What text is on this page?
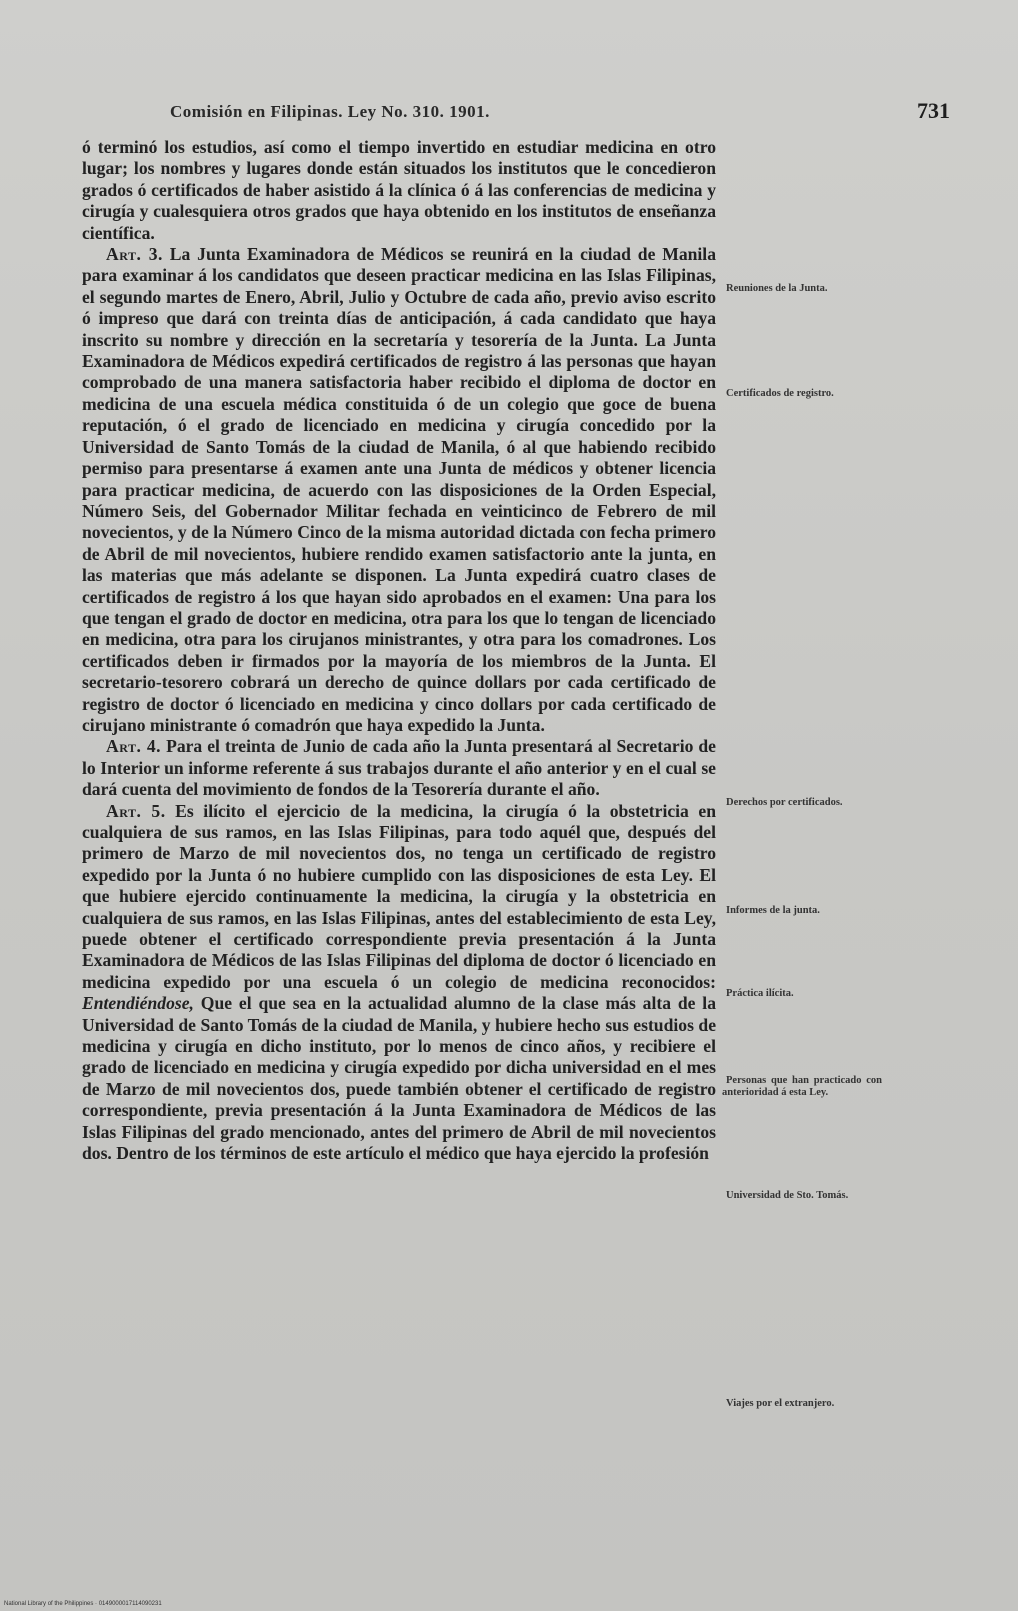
Comisión en Filipinas. Ley No. 310. 1901.	731

ó terminó los estudios, así como el tiempo invertido en estudiar medicina en otro lugar; los nombres y lugares donde están situados los institutos que le concedieron grados ó certificados de haber asistido á la clínica ó á las conferencias de medicina y cirugía y cualesquiera otros grados que haya obtenido en los institutos de enseñanza científica.

Art. 3. La Junta Examinadora de Médicos se reunirá en la ciudad de Manila para examinar á los candidatos que deseen practicar medicina en las Islas Filipinas, el segundo martes de Enero, Abril, Julio y Octubre de cada año, previo aviso escrito ó impreso que dará con treinta días de anticipación, á cada candidato que haya inscrito su nombre y dirección en la secretaría y tesorería de la Junta. La Junta Examinadora de Médicos expedirá certificados de registro á las personas que hayan comprobado de una manera satisfactoria haber recibido el diploma de doctor en medicina de una escuela médica constituida ó de un colegio que goce de buena reputación, ó el grado de licenciado en medicina y cirugía concedido por la Universidad de Santo Tomás de la ciudad de Manila, ó al que habiendo recibido permiso para presentarse á examen ante una Junta de médicos y obtener licencia para practicar medicina, de acuerdo con las disposiciones de la Orden Especial, Número Seis, del Gobernador Militar fechada en veinticinco de Febrero de mil novecientos, y de la Número Cinco de la misma autoridad dictada con fecha primero de Abril de mil novecientos, hubiere rendido examen satisfactorio ante la junta, en las materias que más adelante se disponen. La Junta expedirá cuatro clases de certificados de registro á los que hayan sido aprobados en el examen: Una para los que tengan el grado de doctor en medicina, otra para los que lo tengan de licenciado en medicina, otra para los cirujanos ministrantes, y otra para los comadrones. Los certificados deben ir firmados por la mayoría de los miembros de la Junta. El secretario-tesorero cobrará un derecho de quince dollars por cada certificado de registro de doctor ó licenciado en medicina y cinco dollars por cada certificado de cirujano ministrante ó comadrón que haya expedido la Junta.

Art. 4. Para el treinta de Junio de cada año la Junta presentará al Secretario de lo Interior un informe referente á sus trabajos durante el año anterior y en el cual se dará cuenta del movimiento de fondos de la Tesorería durante el año.

Art. 5. Es ilícito el ejercicio de la medicina, la cirugía ó la obstetricia en cualquiera de sus ramos, en las Islas Filipinas, para todo aquél que, después del primero de Marzo de mil novecientos dos, no tenga un certificado de registro expedido por la Junta ó no hubiere cumplido con las disposiciones de esta Ley. El que hubiere ejercido continuamente la medicina, la cirugía y la obstetricia en cualquiera de sus ramos, en las Islas Filipinas, antes del establecimiento de esta Ley, puede obtener el certificado correspondiente previa presentación á la Junta Examinadora de Médicos de las Islas Filipinas del diploma de doctor ó licenciado en medicina expedido por una escuela ó un colegio de medicina reconocidos: Entendiéndose, Que el que sea en la actualidad alumno de la clase más alta de la Universidad de Santo Tomás de la ciudad de Manila, y hubiere hecho sus estudios de medicina y cirugía en dicho instituto, por lo menos de cinco años, y recibiere el grado de licenciado en medicina y cirugía expedido por dicha universidad en el mes de Marzo de mil novecientos dos, puede también obtener el certificado de registro correspondiente, previa presentación á la Junta Examinadora de Médicos de las Islas Filipinas del grado mencionado, antes del primero de Abril de mil novecientos dos. Dentro de los términos de este artículo el médico que haya ejercido la profesión

Reuniones de la Junta.
Certificados de registro.
Derechos por certificados.
Informes de la junta.
Práctica ilícita.
Personas que han practicado con anterioridad á esta Ley.
Universidad de Sto. Tomás.
Viajes por el extranjero.
National Library of the Philippines · 0149000017114090231
